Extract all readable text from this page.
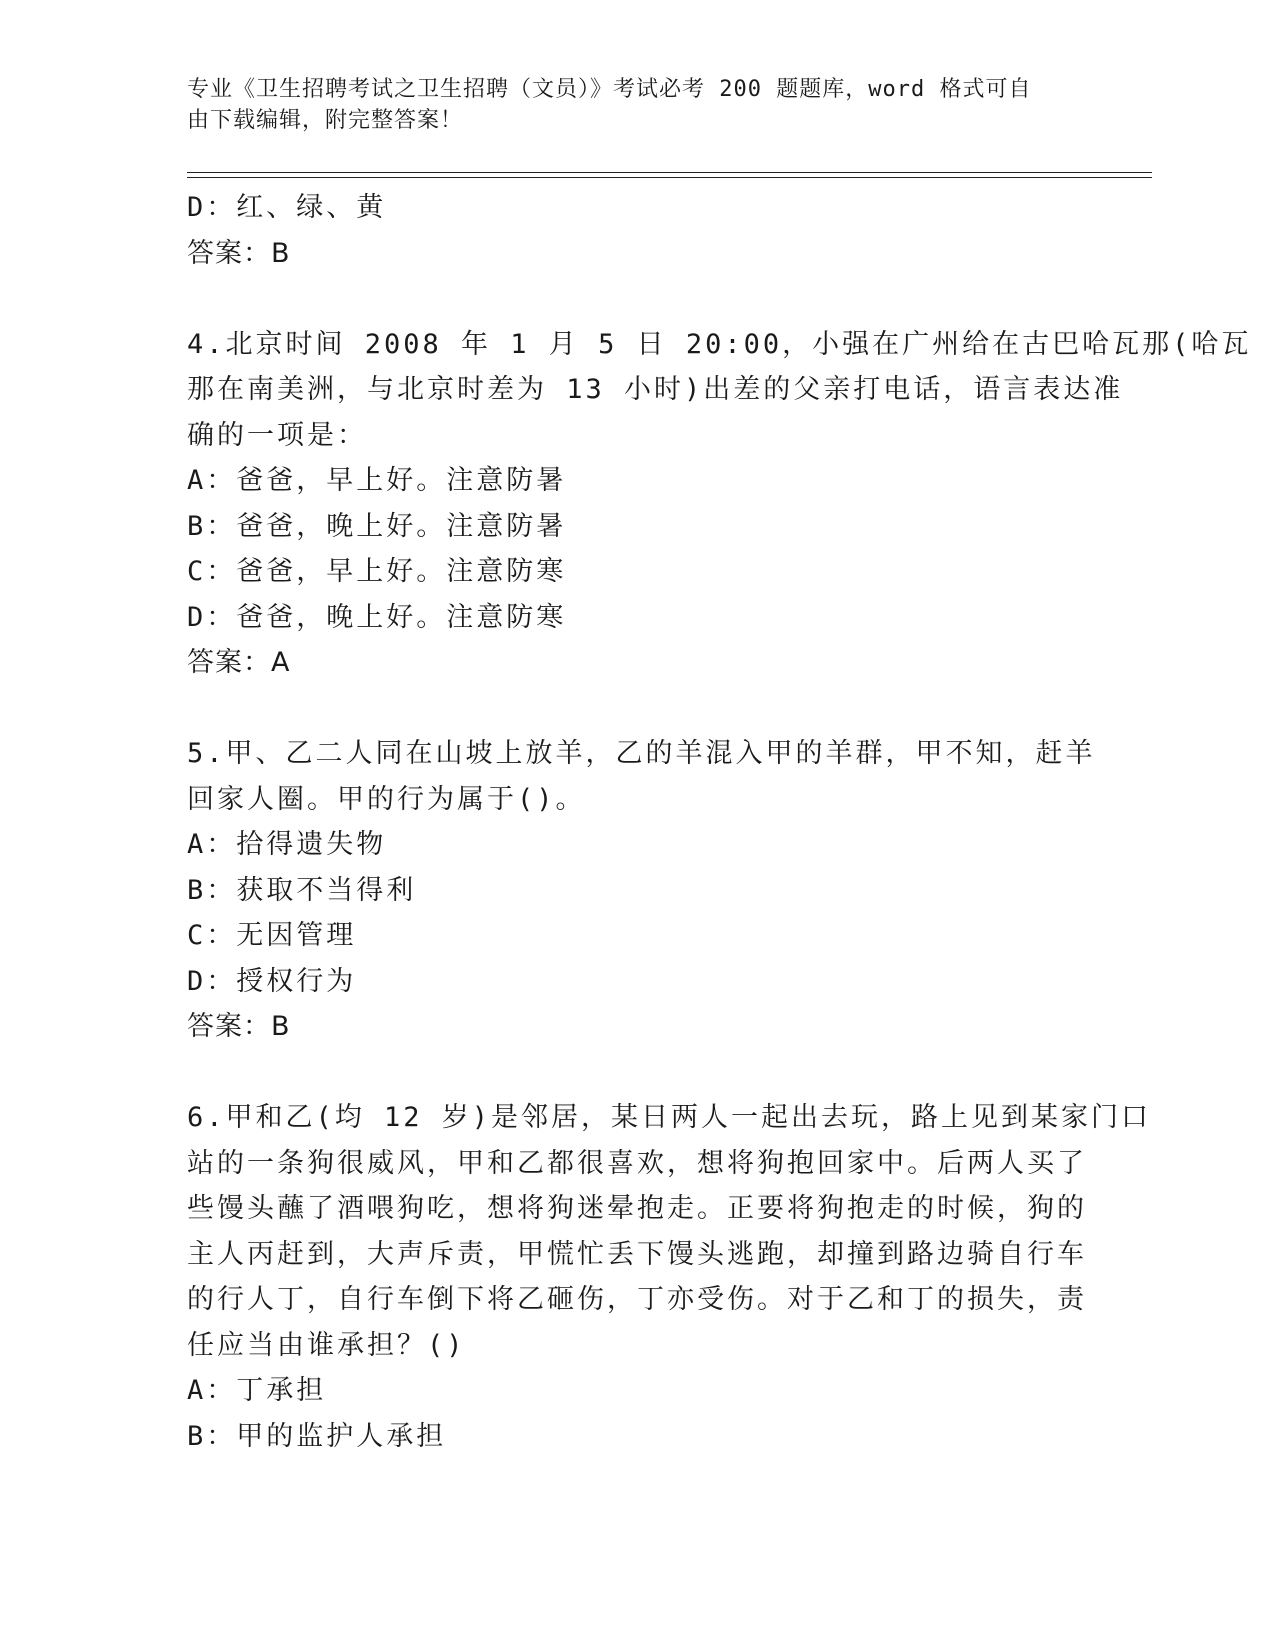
专业《卫生招聘考试之卫生招聘（文员）》考试必考 200 题题库，word 格式可自
由下载编辑，附完整答案！
D：红、绿、黄
答案：B
4.北京时间 2008 年 1 月 5 日 20:00，小强在广州给在古巴哈瓦那(哈瓦
那在南美洲，与北京时差为 13 小时)出差的父亲打电话，语言表达准
确的一项是：
A：爸爸，早上好。注意防暑
B：爸爸，晚上好。注意防暑
C：爸爸，早上好。注意防寒
D：爸爸，晚上好。注意防寒
答案：A
5.甲、乙二人同在山坡上放羊，乙的羊混入甲的羊群，甲不知，赶羊
回家人圈。甲的行为属于()。
A：拾得遗失物
B：获取不当得利
C：无因管理
D：授权行为
答案：B
6.甲和乙(均 12 岁)是邻居，某日两人一起出去玩，路上见到某家门口
站的一条狗很威风，甲和乙都很喜欢，想将狗抱回家中。后两人买了
些馒头蘸了酒喂狗吃，想将狗迷晕抱走。正要将狗抱走的时候，狗的
主人丙赶到，大声斥责，甲慌忙丢下馒头逃跑，却撞到路边骑自行车
的行人丁，自行车倒下将乙砸伤，丁亦受伤。对于乙和丁的损失，责
任应当由谁承担？()
A：丁承担
B：甲的监护人承担
